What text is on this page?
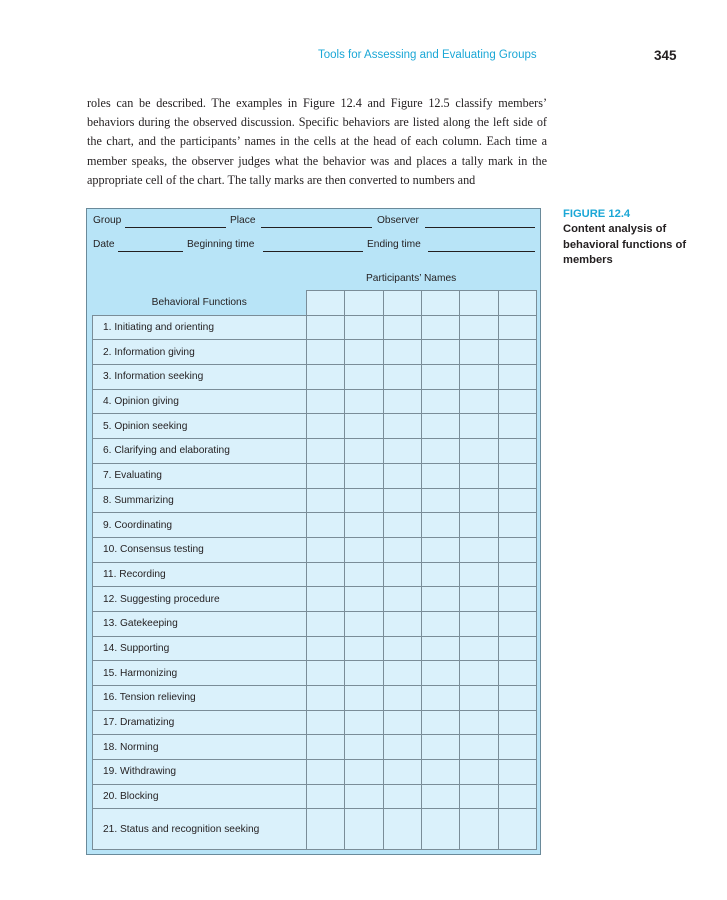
Tools for Assessing and Evaluating Groups	345

roles can be described. The examples in Figure 12.4 and Figure 12.5 classify members’ behaviors during the observed discussion. Specific behaviors are listed along the left side of the chart, and the participants’ names in the cells at the head of each column. Each time a member speaks, the observer judges what the behavior was and places a tally mark in the appropriate cell of the chart. The tally marks are then converted to numbers and

FIGURE 12.4
Content analysis of behavioral functions of members
Group	Place	Observer
Date	Beginning time	Ending time
Participants’ Names
Behavioral Functions						
1. Initiating and orienting						
2. Information giving						
3. Information seeking						
4. Opinion giving						
5. Opinion seeking						
6. Clarifying and elaborating						
7. Evaluating						
8. Summarizing						
9. Coordinating						
10. Consensus testing						
11. Recording						
12. Suggesting procedure						
13. Gatekeeping						
14. Supporting						
15. Harmonizing						
16. Tension relieving						
17. Dramatizing						
18. Norming						
19. Withdrawing						
20. Blocking						
21. Status and recognition seeking						
